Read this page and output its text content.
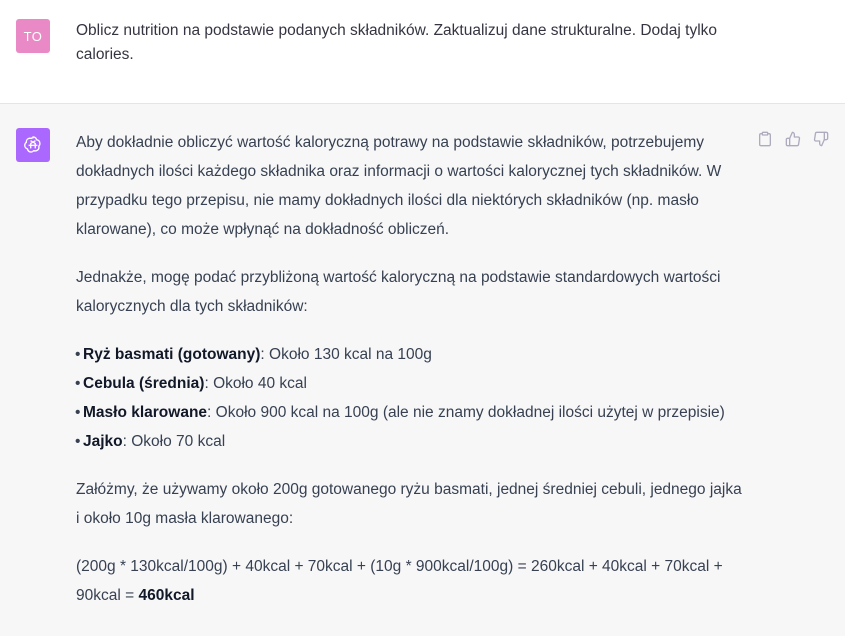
TO Oblicz nutrition na podstawie podanych składników. Zaktualizuj dane strukturalne. Dodaj tylko calories.

Aby dokładnie obliczyć wartość kaloryczną potrawy na podstawie składników, potrzebujemy dokładnych ilości każdego składnika oraz informacji o wartości kalorycznej tych składników. W przypadku tego przepisu, nie mamy dokładnych ilości dla niektórych składników (np. masło klarowane), co może wpłynąć na dokładność obliczeń.

Jednakże, mogę podać przybliżoną wartość kaloryczną na podstawie standardowych wartości kalorycznych dla tych składników:

• Ryż basmati (gotowany): Około 130 kcal na 100g
• Cebula (średnia): Około 40 kcal
• Masło klarowane: Około 900 kcal na 100g (ale nie znamy dokładnej ilości użytej w przepisie)
• Jajko: Około 70 kcal

Załóżmy, że używamy około 200g gotowanego ryżu basmati, jednej średniej cebuli, jednego jajka i około 10g masła klarowanego:

(200g * 130kcal/100g) + 40kcal + 70kcal + (10g * 900kcal/100g) = 260kcal + 40kcal + 70kcal + 90kcal = 460kcal
